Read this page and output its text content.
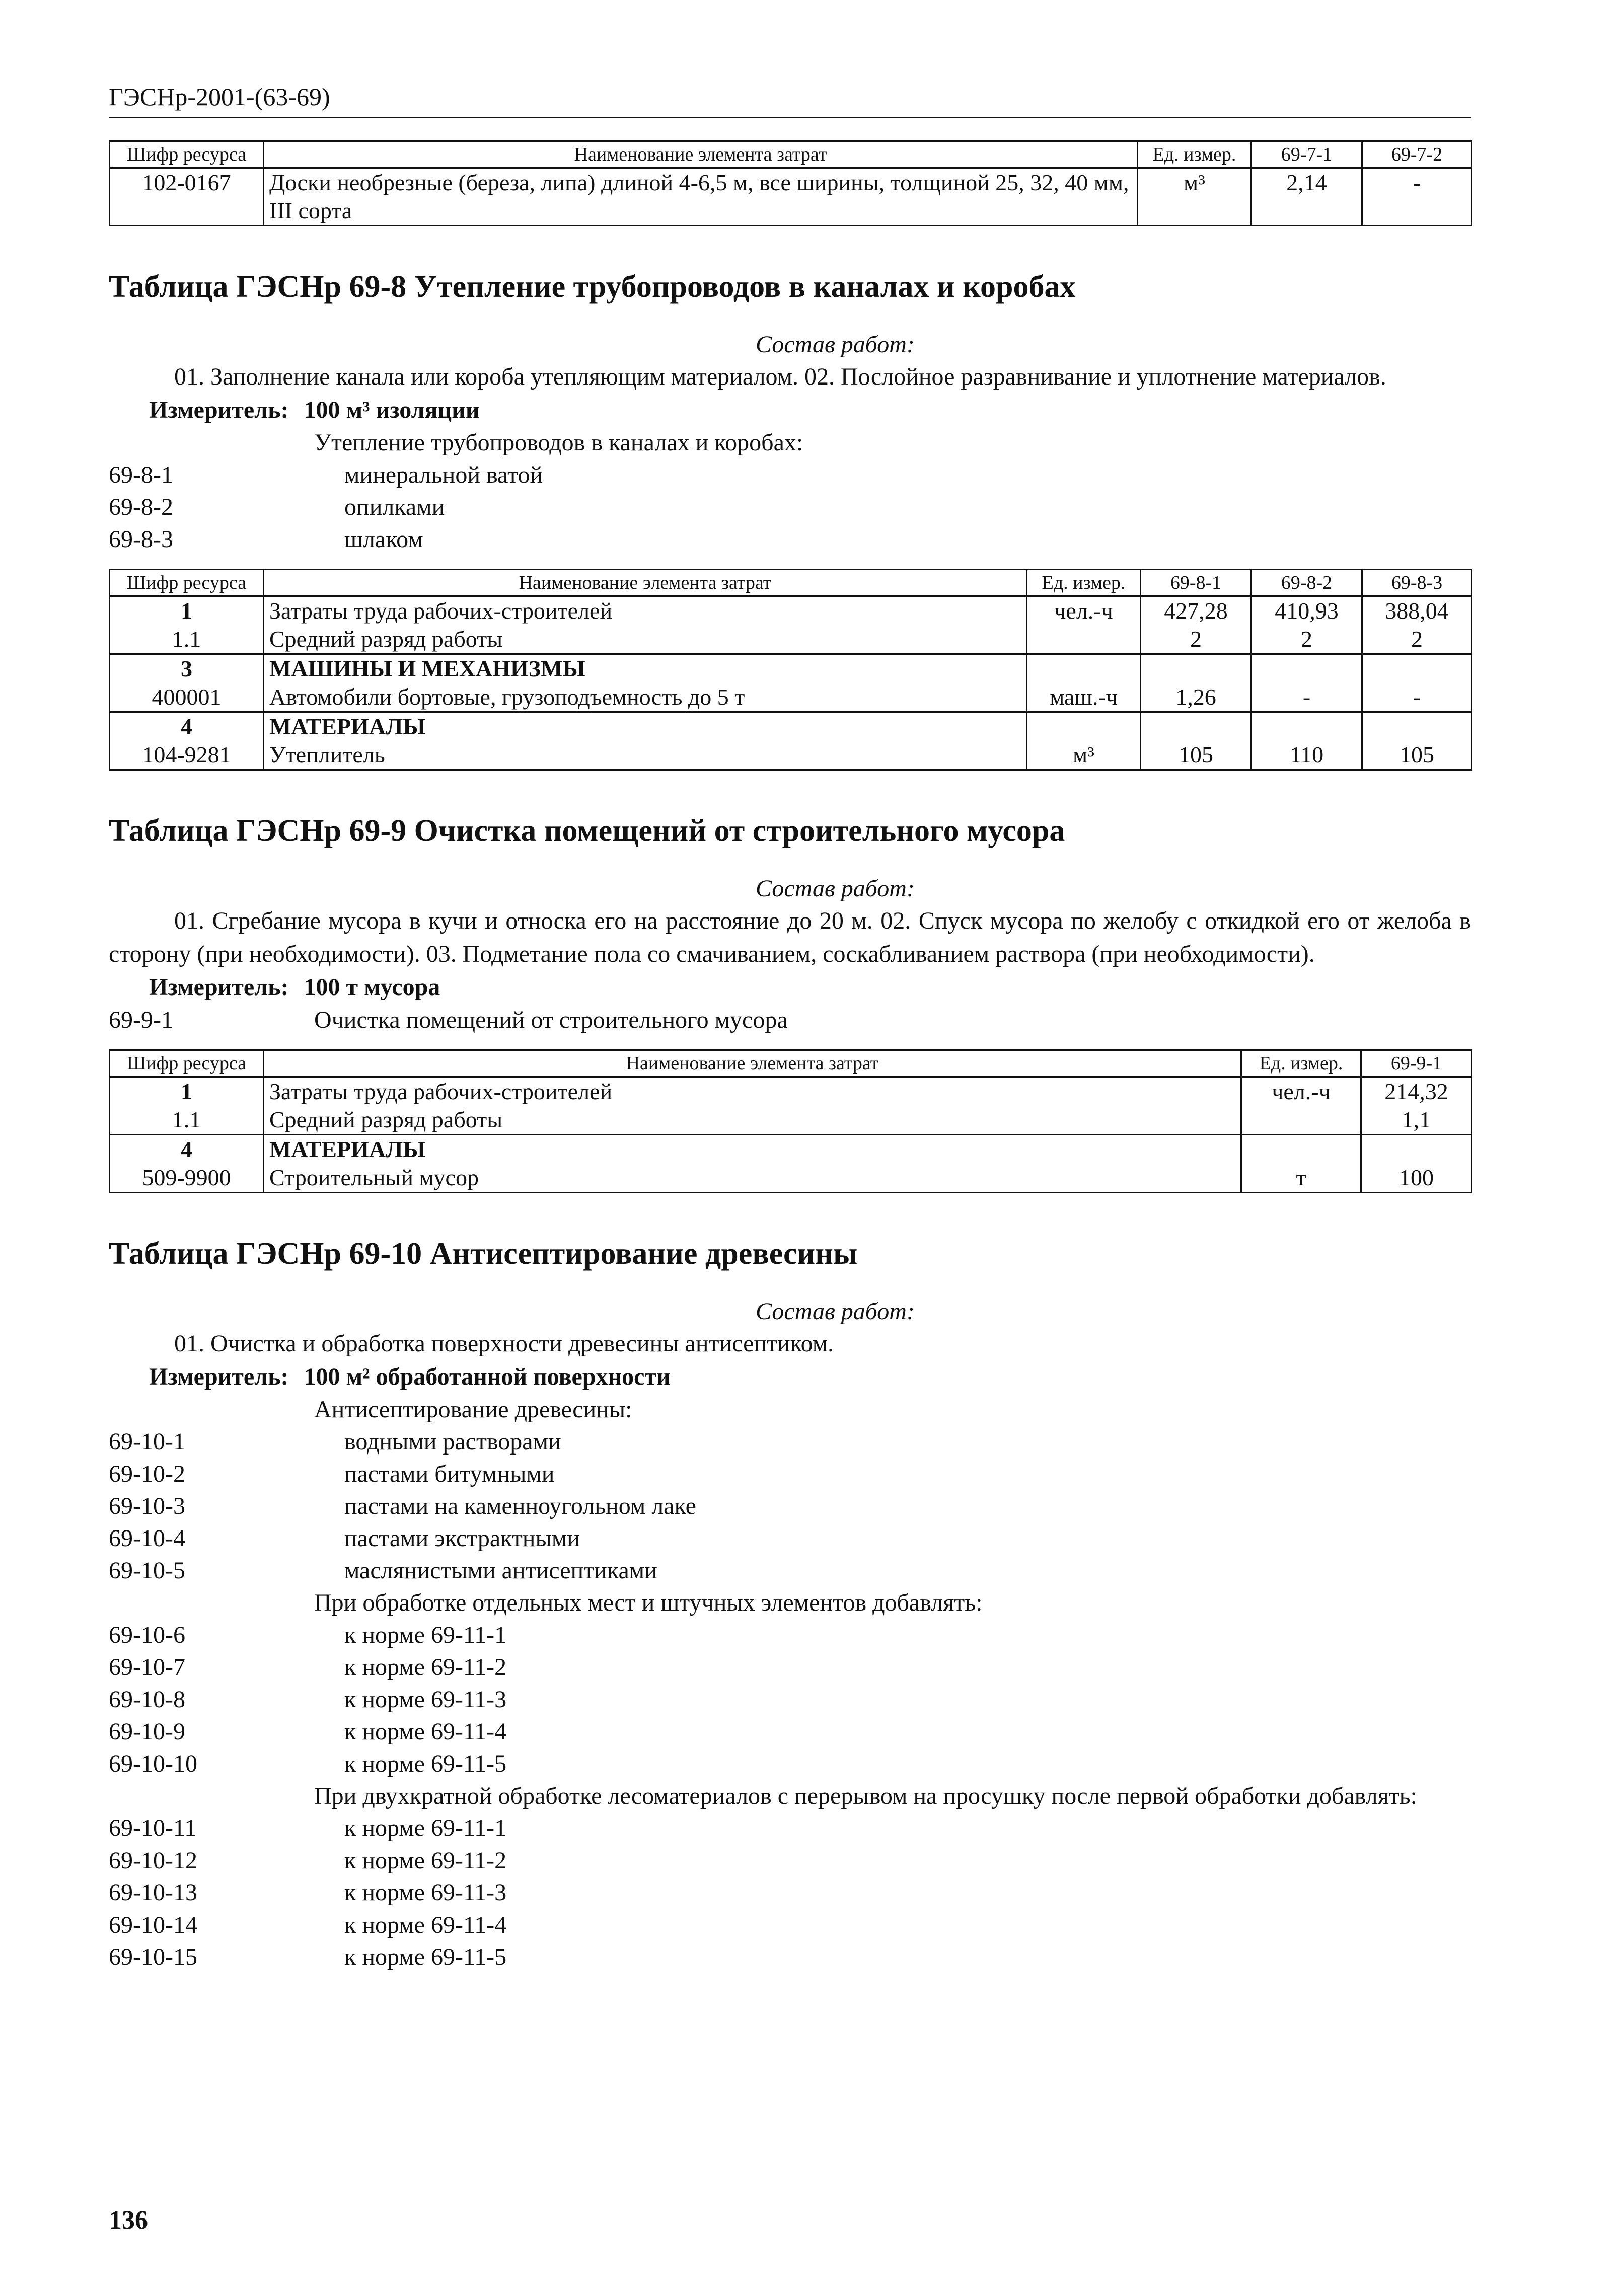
ГЭСНр-2001-(63-69)
Шифр ресурса	Наименование элемента затрат	Ед. измер.	69-7-1	69-7-2
102-0167	Доски необрезные (береза, липа) длиной 4-6,5 м, все ширины, толщиной 25, 32, 40 мм, III сорта	м³	2,14	-
Таблица ГЭСНр 69-8 Утепление трубопроводов в каналах и коробах

Состав работ:

01. Заполнение канала или короба утепляющим материалом. 02. Послойное разравнивание и уплотнение материалов.

Измеритель: 100 м³ изоляции

Утепление трубопроводов в каналах и коробах:
69-8-1	минеральной ватой
69-8-2	опилками
69-8-3	шлаком
Шифр ресурса	Наименование элемента затрат	Ед. измер.	69-8-1	69-8-2	69-8-3
1	Затраты труда рабочих-строителей	чел.-ч	427,28	410,93	388,04
1.1	Средний разряд работы		2	2	2
3	МАШИНЫ И МЕХАНИЗМЫ				
400001	Автомобили бортовые, грузоподъемность до 5 т	маш.-ч	1,26	-	-
4	МАТЕРИАЛЫ				
104-9281	Утеплитель	м³	105	110	105
Таблица ГЭСНр 69-9 Очистка помещений от строительного мусора

Состав работ:

01. Сгребание мусора в кучи и относка его на расстояние до 20 м. 02. Спуск мусора по желобу с откидкой его от желоба в сторону (при необходимости). 03. Подметание пола со смачиванием, соскабливанием раствора (при необходимости).

Измеритель: 100 т мусора

69-9-1	Очистка помещений от строительного мусора
Шифр ресурса	Наименование элемента затрат	Ед. измер.	69-9-1
1	Затраты труда рабочих-строителей	чел.-ч	214,32
1.1	Средний разряд работы		1,1
4	МАТЕРИАЛЫ		
509-9900	Строительный мусор	т	100
Таблица ГЭСНр 69-10 Антисептирование древесины

Состав работ:

01. Очистка и обработка поверхности древесины антисептиком.

Измеритель: 100 м² обработанной поверхности

Антисептирование древесины:
69-10-1	водными растворами
69-10-2	пастами битумными
69-10-3	пастами на каменноугольном лаке
69-10-4	пастами экстрактными
69-10-5	маслянистыми антисептиками
При обработке отдельных мест и штучных элементов добавлять:
69-10-6	к норме 69-11-1
69-10-7	к норме 69-11-2
69-10-8	к норме 69-11-3
69-10-9	к норме 69-11-4
69-10-10	к норме 69-11-5
При двухкратной обработке лесоматериалов с перерывом на просушку после первой обработки добавлять:
69-10-11	к норме 69-11-1
69-10-12	к норме 69-11-2
69-10-13	к норме 69-11-3
69-10-14	к норме 69-11-4
69-10-15	к норме 69-11-5
136
